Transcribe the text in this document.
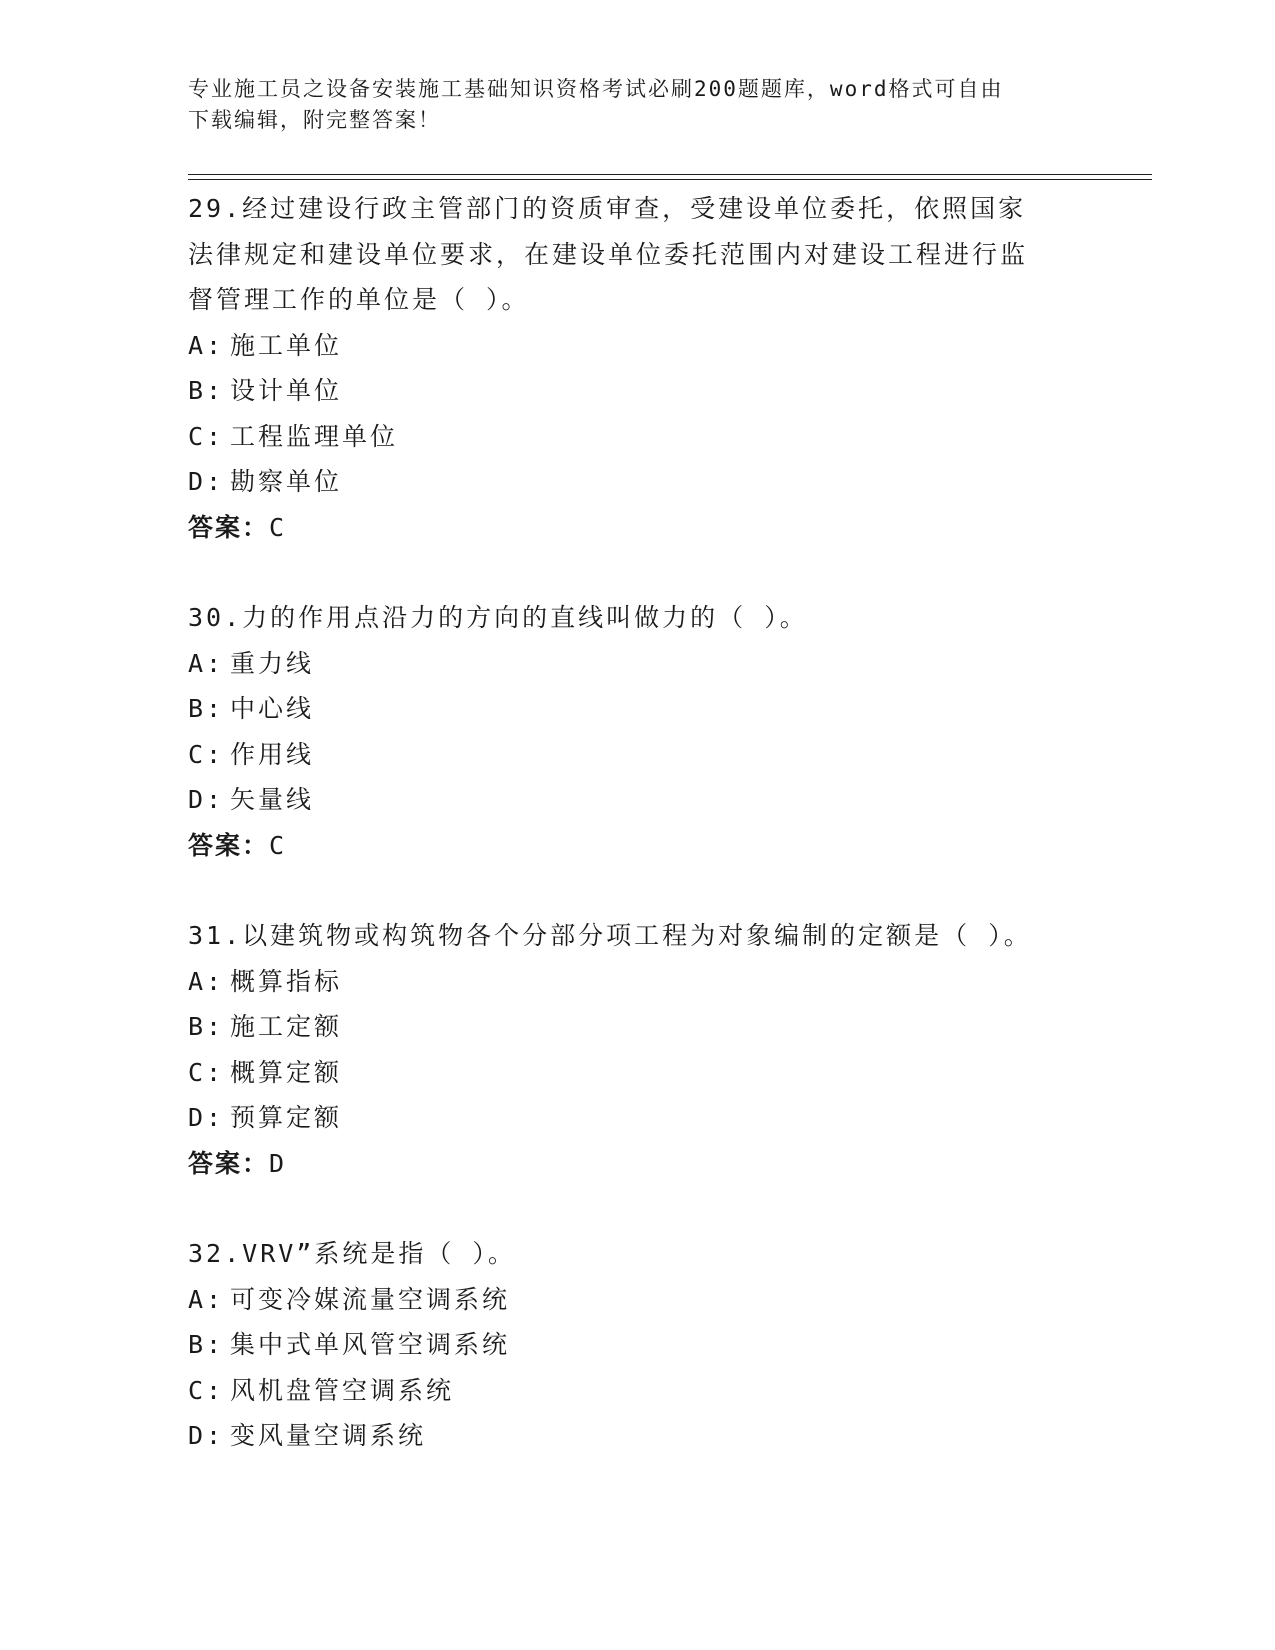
专业施工员之设备安装施工基础知识资格考试必刷200题题库，word格式可自由
下载编辑，附完整答案！

29.经过建设行政主管部门的资质审查，受建设单位委托，依照国家法律规定和建设单位要求，在建设单位委托范围内对建设工程进行监督管理工作的单位是（ ）。

A: 施工单位

B: 设计单位

C: 工程监理单位

D: 勘察单位

答案：C

30.力的作用点沿力的方向的直线叫做力的（ ）。

A: 重力线

B: 中心线

C: 作用线

D: 矢量线

答案：C

31.以建筑物或构筑物各个分部分项工程为对象编制的定额是（ ）。

A: 概算指标

B: 施工定额

C: 概算定额

D: 预算定额

答案：D

32.VRV”系统是指（ ）。

A: 可变冷媒流量空调系统

B: 集中式单风管空调系统

C: 风机盘管空调系统

D: 变风量空调系统
